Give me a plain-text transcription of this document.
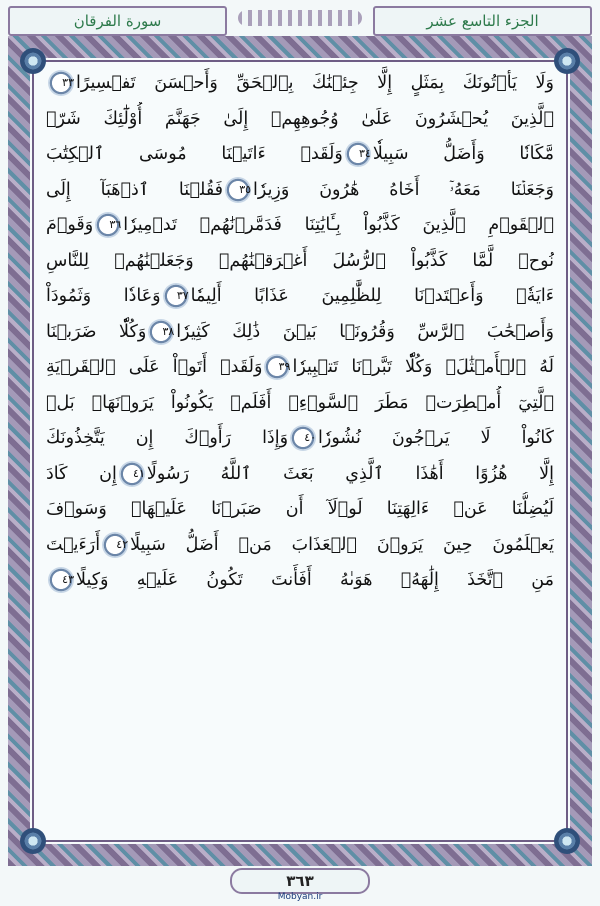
سورة الفرقان	الجزء التاسع عشر
وَلَا يَأۡتُونَكَ بِمَثَلٍ إِلَّا جِئۡنَٰكَ بِٱلۡحَقِّ وَأَحۡسَنَ تَفۡسِيرًا٣٣
ٱلَّذِينَ يُحۡشَرُونَ عَلَىٰ وُجُوهِهِمۡ إِلَىٰ جَهَنَّمَ أُوْلَٰٓئِكَ شَرّٞ
مَّكَانٗا وَأَضَلُّ سَبِيلٗا٣٤وَلَقَدۡ ءَاتَيۡنَا مُوسَى ٱلۡكِتَٰبَ
وَجَعَلۡنَا مَعَهُۥٓ أَخَاهُ هَٰرُونَ وَزِيرٗا٣٥فَقُلۡنَا ٱذۡهَبَآ إِلَى
ٱلۡقَوۡمِ ٱلَّذِينَ كَذَّبُواْ بِـَٔايَٰتِنَا فَدَمَّرۡنَٰهُمۡ تَدۡمِيرٗا٣٦وَقَوۡمَ
نُوحٖ لَّمَّا كَذَّبُواْ ٱلرُّسُلَ أَغۡرَقۡنَٰهُمۡ وَجَعَلۡنَٰهُمۡ لِلنَّاسِ
ءَايَةٗۖ وَأَعۡتَدۡنَا لِلظَّٰلِمِينَ عَذَابًا أَلِيمٗا٣٧وَعَادٗا وَثَمُودَاْ
وَأَصۡحَٰبَ ٱلرَّسِّ وَقُرُونَۢا بَيۡنَ ذَٰلِكَ كَثِيرٗا٣٨وَكُلّٗا ضَرَبۡنَا
لَهُ ٱلۡأَمۡثَٰلَۖ وَكُلّٗا تَبَّرۡنَا تَتۡبِيرٗا٣٩وَلَقَدۡ أَتَوۡاْ عَلَى ٱلۡقَرۡيَةِ
ٱلَّتِيٓ أُمۡطِرَتۡ مَطَرَ ٱلسَّوۡءِۚ أَفَلَمۡ يَكُونُواْ يَرَوۡنَهَاۚ بَلۡ
كَانُواْ لَا يَرۡجُونَ نُشُورٗا٤٠وَإِذَا رَأَوۡكَ إِن يَتَّخِذُونَكَ
إِلَّا هُزُوًا أَهَٰذَا ٱلَّذِي بَعَثَ ٱللَّهُ رَسُولًا٤١إِن كَادَ
لَيُضِلُّنَا عَنۡ ءَالِهَتِنَا لَوۡلَآ أَن صَبَرۡنَا عَلَيۡهَاۚ وَسَوۡفَ
يَعۡلَمُونَ حِينَ يَرَوۡنَ ٱلۡعَذَابَ مَنۡ أَضَلُّ سَبِيلًا٤٢أَرَءَيۡتَ
مَنِ ٱتَّخَذَ إِلَٰهَهُۥ هَوَىٰهُ أَفَأَنتَ تَكُونُ عَلَيۡهِ وَكِيلًا٤٣
٣٦٣
Mobyan.ir
